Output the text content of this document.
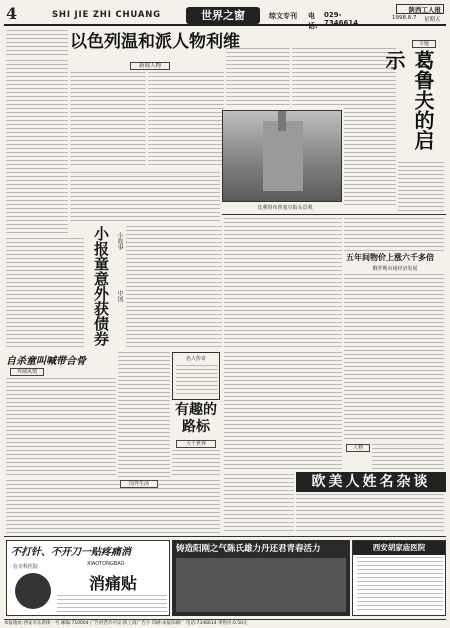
4	SHI JIE ZHI CHUANG	世界之窗	综文专刊	电话:
029-7346614
陕西工人报
1998.8.7	星期五
以色列温和派人物利维
新闻人物
比利时布鲁塞尔街头景观
葛鲁夫的启示
专题
五年间物价上涨六千多倍
俄罗斯市场经济发展
小报童意外获债券	小故事
中国
自杀童叫喊带合骨
外域风情
名人传奇
有趣的路标
大千世界
欧美人姓名杂谈
人物
国外生活
不打针、不开刀一贴疼痛消
XIAOTONGBAO
在专科医院
消痛贴
铸造阳刚之气陈氏雄力丹还君青春活力	西安胡家庙医院
本报地址:西安市东新街一号 邮编:710004 广告经营许可证:陕工商广告字 印刷:本报印刷厂 电话:7346614 零售价:0.50元
